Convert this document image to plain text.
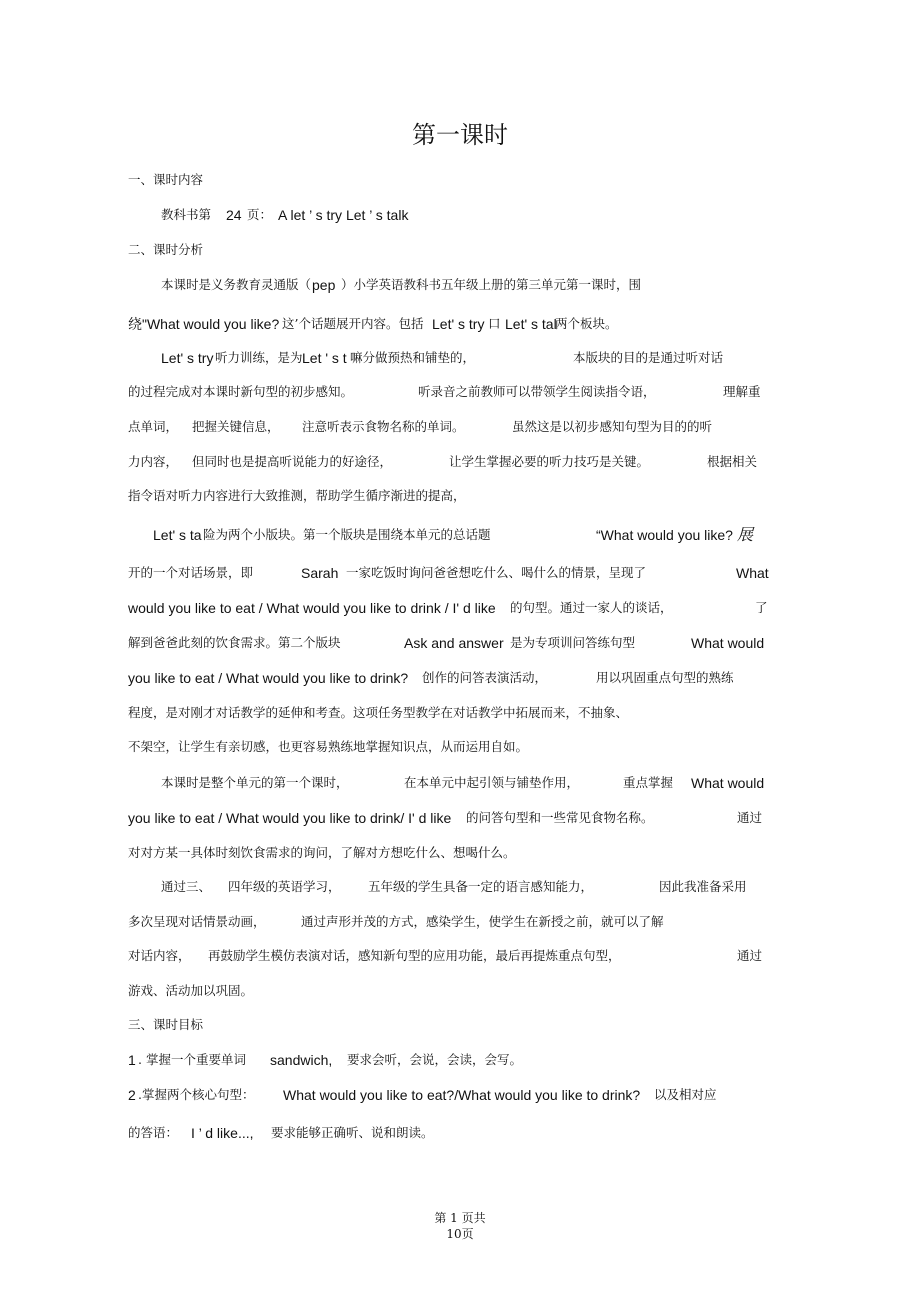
第一课时
一、课时内容
教科书第 24 页： A let ’ s try Let ’ s talk
二、课时分析
本课时是义务教育灵通版（ pep ）小学英语教科书五年级上册的第三单元第一课时，围
绕"What would you like? 这’个话题展开内容。包括 Let' s try 口 Let' s tal
两个板块。
Let' s try 听力训练，是为 Let ' s t 嘛分做预热和铺垫的，	本版块的目的是通过听对话
的过程完成对本课时新句型的初步感知。	听录音之前教师可以带领学生阅读指令语，	理解重
点单词， 把握关键信息， 注意听表示食物名称的单词。	虽然这是以初步感知句型为目的的听
力内容， 但同时也是提高听说能力的好途径，	让学生掌握必要的听力技巧是关键。	根据相关
指令语对听力内容进行大致推测，帮助学生循序渐进的提高，
Let' s ta 险为两个小版块。第一个版块是围绕本单元的总话题	“What would you like? 展
开的一个对话场景，即	Sarah 一家吃饭时询问爸爸想吃什么、喝什么的情景，呈现了	What
would you like to eat / What would you like to drink / I' d like 的句型。通过一家人的谈话，	了
解到爸爸此刻的饮食需求。第二个版块	Ask and answer 是为专项训问答练句型	What would
you like to eat / What would you like to drink? 创作的问答表演活动，	用以巩固重点句型的熟练
程度，是对刚才对话教学的延伸和考查。这项任务型教学在对话教学中拓展而来，不抽象、
不架空，让学生有亲切感，也更容易熟练地掌握知识点，从而运用自如。
本课时是整个单元的第一个课时，	在本单元中起引领与铺垫作用，	重点掌握 What would
you like to eat / What would you like to drink/ I' d like 的问答句型和一些常见食物名称。	通过
对对方某一具体时刻饮食需求的询问，了解对方想吃什么、想喝什么。
通过三、 四年级的英语学习， 五年级的学生具备一定的语言感知能力，	因此我准备采用
多次呈现对话情景动画，	通过声形并茂的方式，感染学生，使学生在新授之前，就可以了解
对话内容， 再鼓励学生模仿表演对话，感知新句型的应用功能，最后再提炼重点句型，	通过
游戏、活动加以巩固。
三、课时目标
1 . 掌握一个重要单词 sandwich, 要求会听，会说，会读，会写。
2 .掌握两个核心句型： What would you like to eat?/What would you like to drink? 以及相对应
的答语： I ’ d like..., 要求能够正确听、说和朗读。
第 1 页共
10页
